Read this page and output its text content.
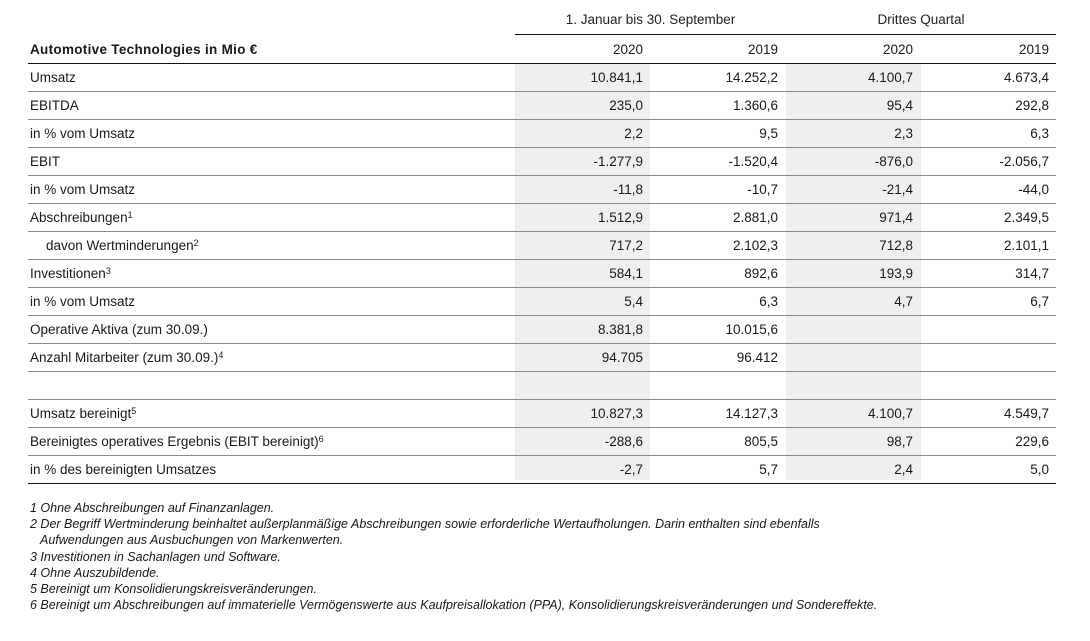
1. Januar bis 30. September	Drittes Quartal
Automotive Technologies in Mio €	2020	2019	2020	2019
Umsatz	10.841,1	14.252,2	4.100,7	4.673,4
EBITDA	235,0	1.360,6	95,4	292,8
in % vom Umsatz	2,2	9,5	2,3	6,3
EBIT	-1.277,9	-1.520,4	-876,0	-2.056,7
in % vom Umsatz	-11,8	-10,7	-21,4	-44,0
Abschreibungen$^1$	1.512,9	2.881,0	971,4	2.349,5
davon Wertminderungen$^2$	717,2	2.102,3	712,8	2.101,1
Investitionen$^3$	584,1	892,6	193,9	314,7
in % vom Umsatz	5,4	6,3	4,7	6,7
Operative Aktiva (zum 30.09.)	8.381,8	10.015,6		
Anzahl Mitarbeiter (zum 30.09.)$^4$	94.705	96.412		

Umsatz bereinigt$^5$	10.827,3	14.127,3	4.100,7	4.549,7
Bereinigtes operatives Ergebnis (EBIT bereinigt)$^6$	-288,6	805,5	98,7	229,6
in % des bereinigten Umsatzes	-2,7	5,7	2,4	5,0
1 Ohne Abschreibungen auf Finanzanlagen.
2 Der Begriff Wertminderung beinhaltet außerplanmäßige Abschreibungen sowie erforderliche Wertaufholungen. Darin enthalten sind ebenfalls
Aufwendungen aus Ausbuchungen von Markenwerten.
3 Investitionen in Sachanlagen und Software.
4 Ohne Auszubildende.
5 Bereinigt um Konsolidierungskreisveränderungen.
6 Bereinigt um Abschreibungen auf immaterielle Vermögenswerte aus Kaufpreisallokation (PPA), Konsolidierungskreisveränderungen und Sondereffekte.
